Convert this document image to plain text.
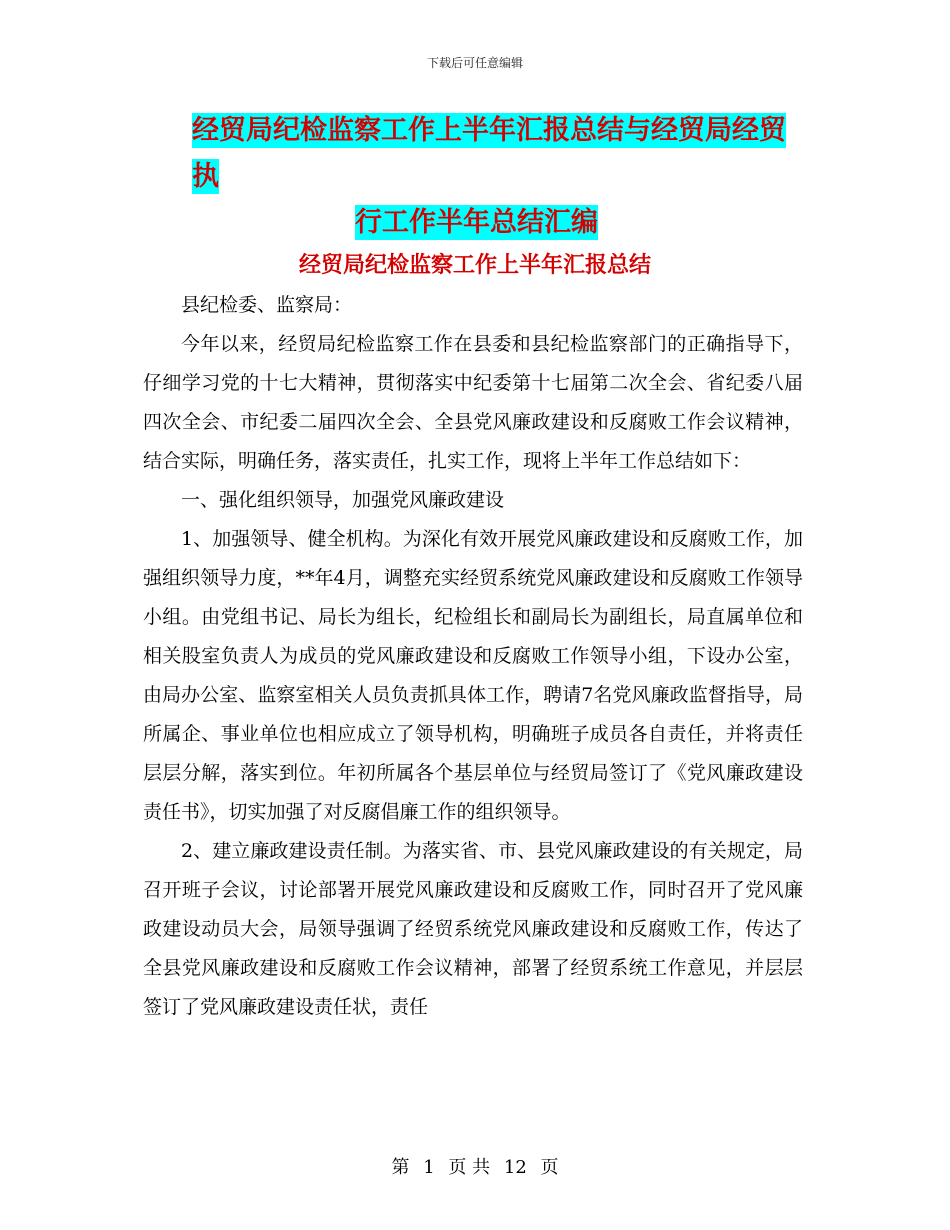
下载后可任意编辑
经贸局纪检监察工作上半年汇报总结与经贸局经贸执
行工作半年总结汇编
经贸局纪检监察工作上半年汇报总结

县纪检委、监察局：

今年以来，经贸局纪检监察工作在县委和县纪检监察部门的正确指导下，仔细学习党的十七大精神，贯彻落实中纪委第十七届第二次全会、省纪委八届四次全会、市纪委二届四次全会、全县党风廉政建设和反腐败工作会议精神，结合实际，明确任务，落实责任，扎实工作，现将上半年工作总结如下：

一、强化组织领导，加强党风廉政建设

1、加强领导、健全机构。为深化有效开展党风廉政建设和反腐败工作，加强组织领导力度，**年4月，调整充实经贸系统党风廉政建设和反腐败工作领导小组。由党组书记、局长为组长，纪检组长和副局长为副组长，局直属单位和相关股室负责人为成员的党风廉政建设和反腐败工作领导小组，下设办公室，由局办公室、监察室相关人员负责抓具体工作，聘请7名党风廉政监督指导，局所属企、事业单位也相应成立了领导机构，明确班子成员各自责任，并将责任层层分解，落实到位。年初所属各个基层单位与经贸局签订了《党风廉政建设责任书》，切实加强了对反腐倡廉工作的组织领导。

2、建立廉政建设责任制。为落实省、市、县党风廉政建设的有关规定，局召开班子会议，讨论部署开展党风廉政建设和反腐败工作，同时召开了党风廉政建设动员大会，局领导强调了经贸系统党风廉政建设和反腐败工作，传达了全县党风廉政建设和反腐败工作会议精神，部署了经贸系统工作意见，并层层签订了党风廉政建设责任状，责任

第 1 页 共 12 页
